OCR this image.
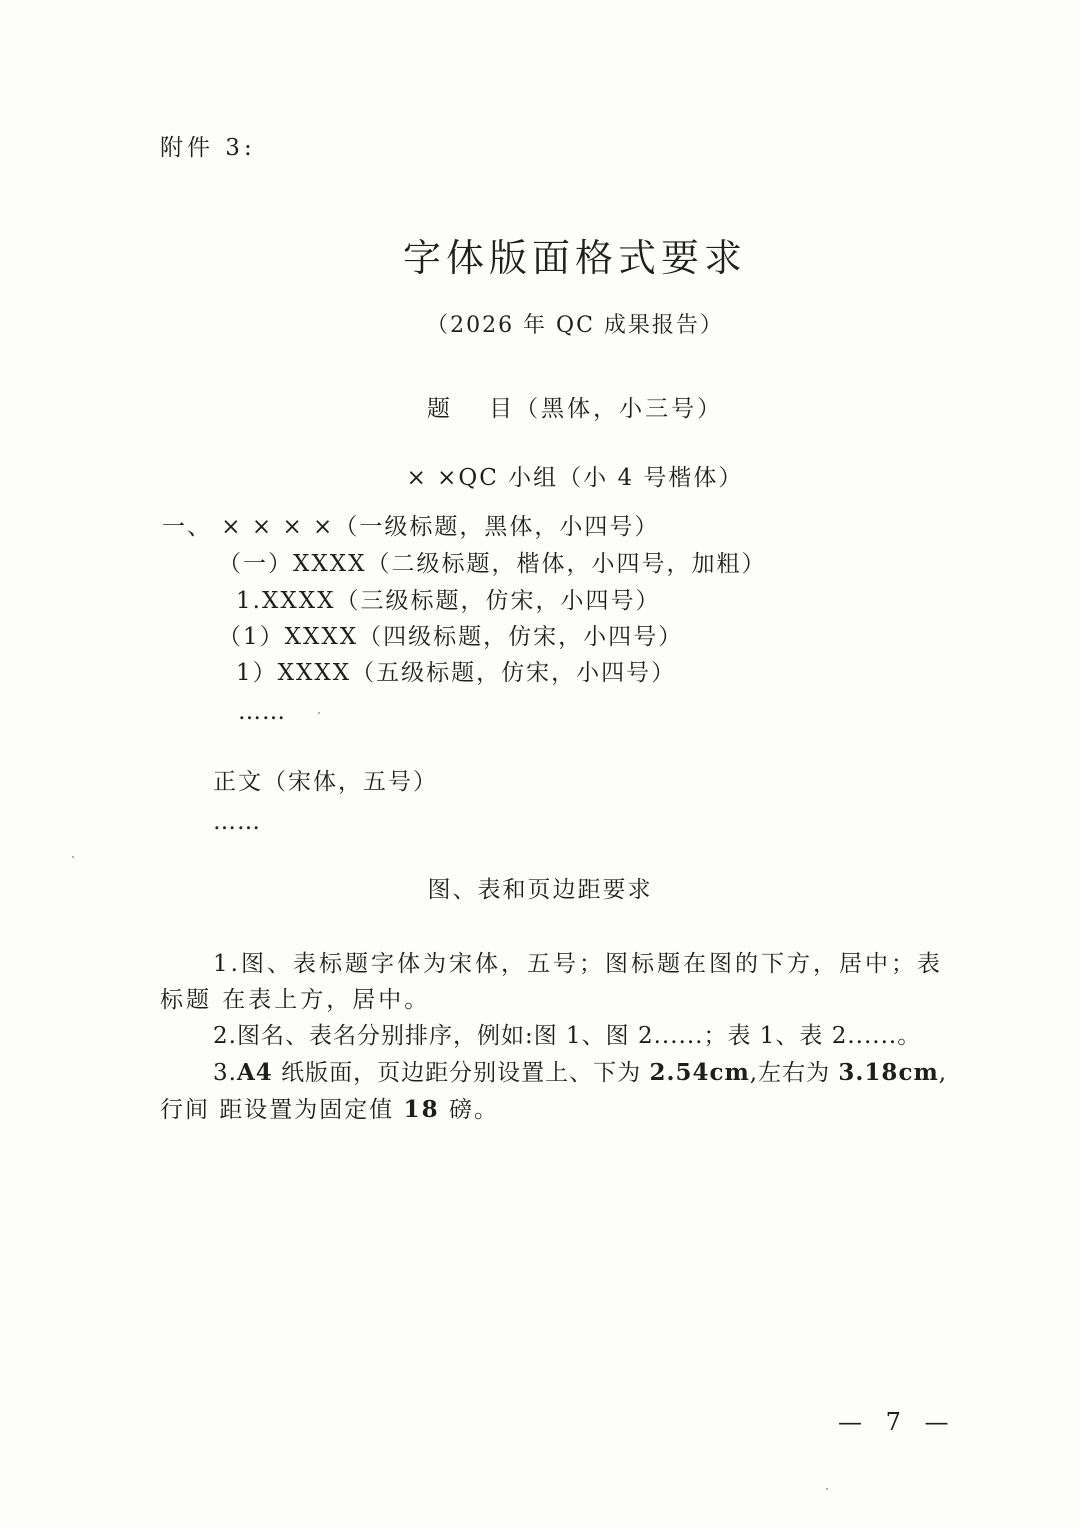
附件 3:
字体版面格式要求
（2026 年 QC 成果报告）
题　 目（黑体，小三号）
× ×QC 小组（小 4 号楷体）
一、 × × × ×（一级标题，黑体，小四号）
（一）XXXX（二级标题，楷体，小四号，加粗）
1.XXXX（三级标题，仿宋，小四号）
（1）XXXX（四级标题，仿宋，小四号）
1）XXXX（五级标题，仿宋，小四号）
……
正文（宋体，五号）
……
图、表和页边距要求
1.图、表标题字体为宋体，五号；图标题在图的下方，居中；表
标题 在表上方，居中。
2.图名、表名分别排序，例如:图 1、图 2......；表 1、表 2......。
3.A4 纸版面，页边距分别设置上、下为 2.54cm,左右为 3.18cm,
行间 距设置为固定值 18 磅。
— 7 —
